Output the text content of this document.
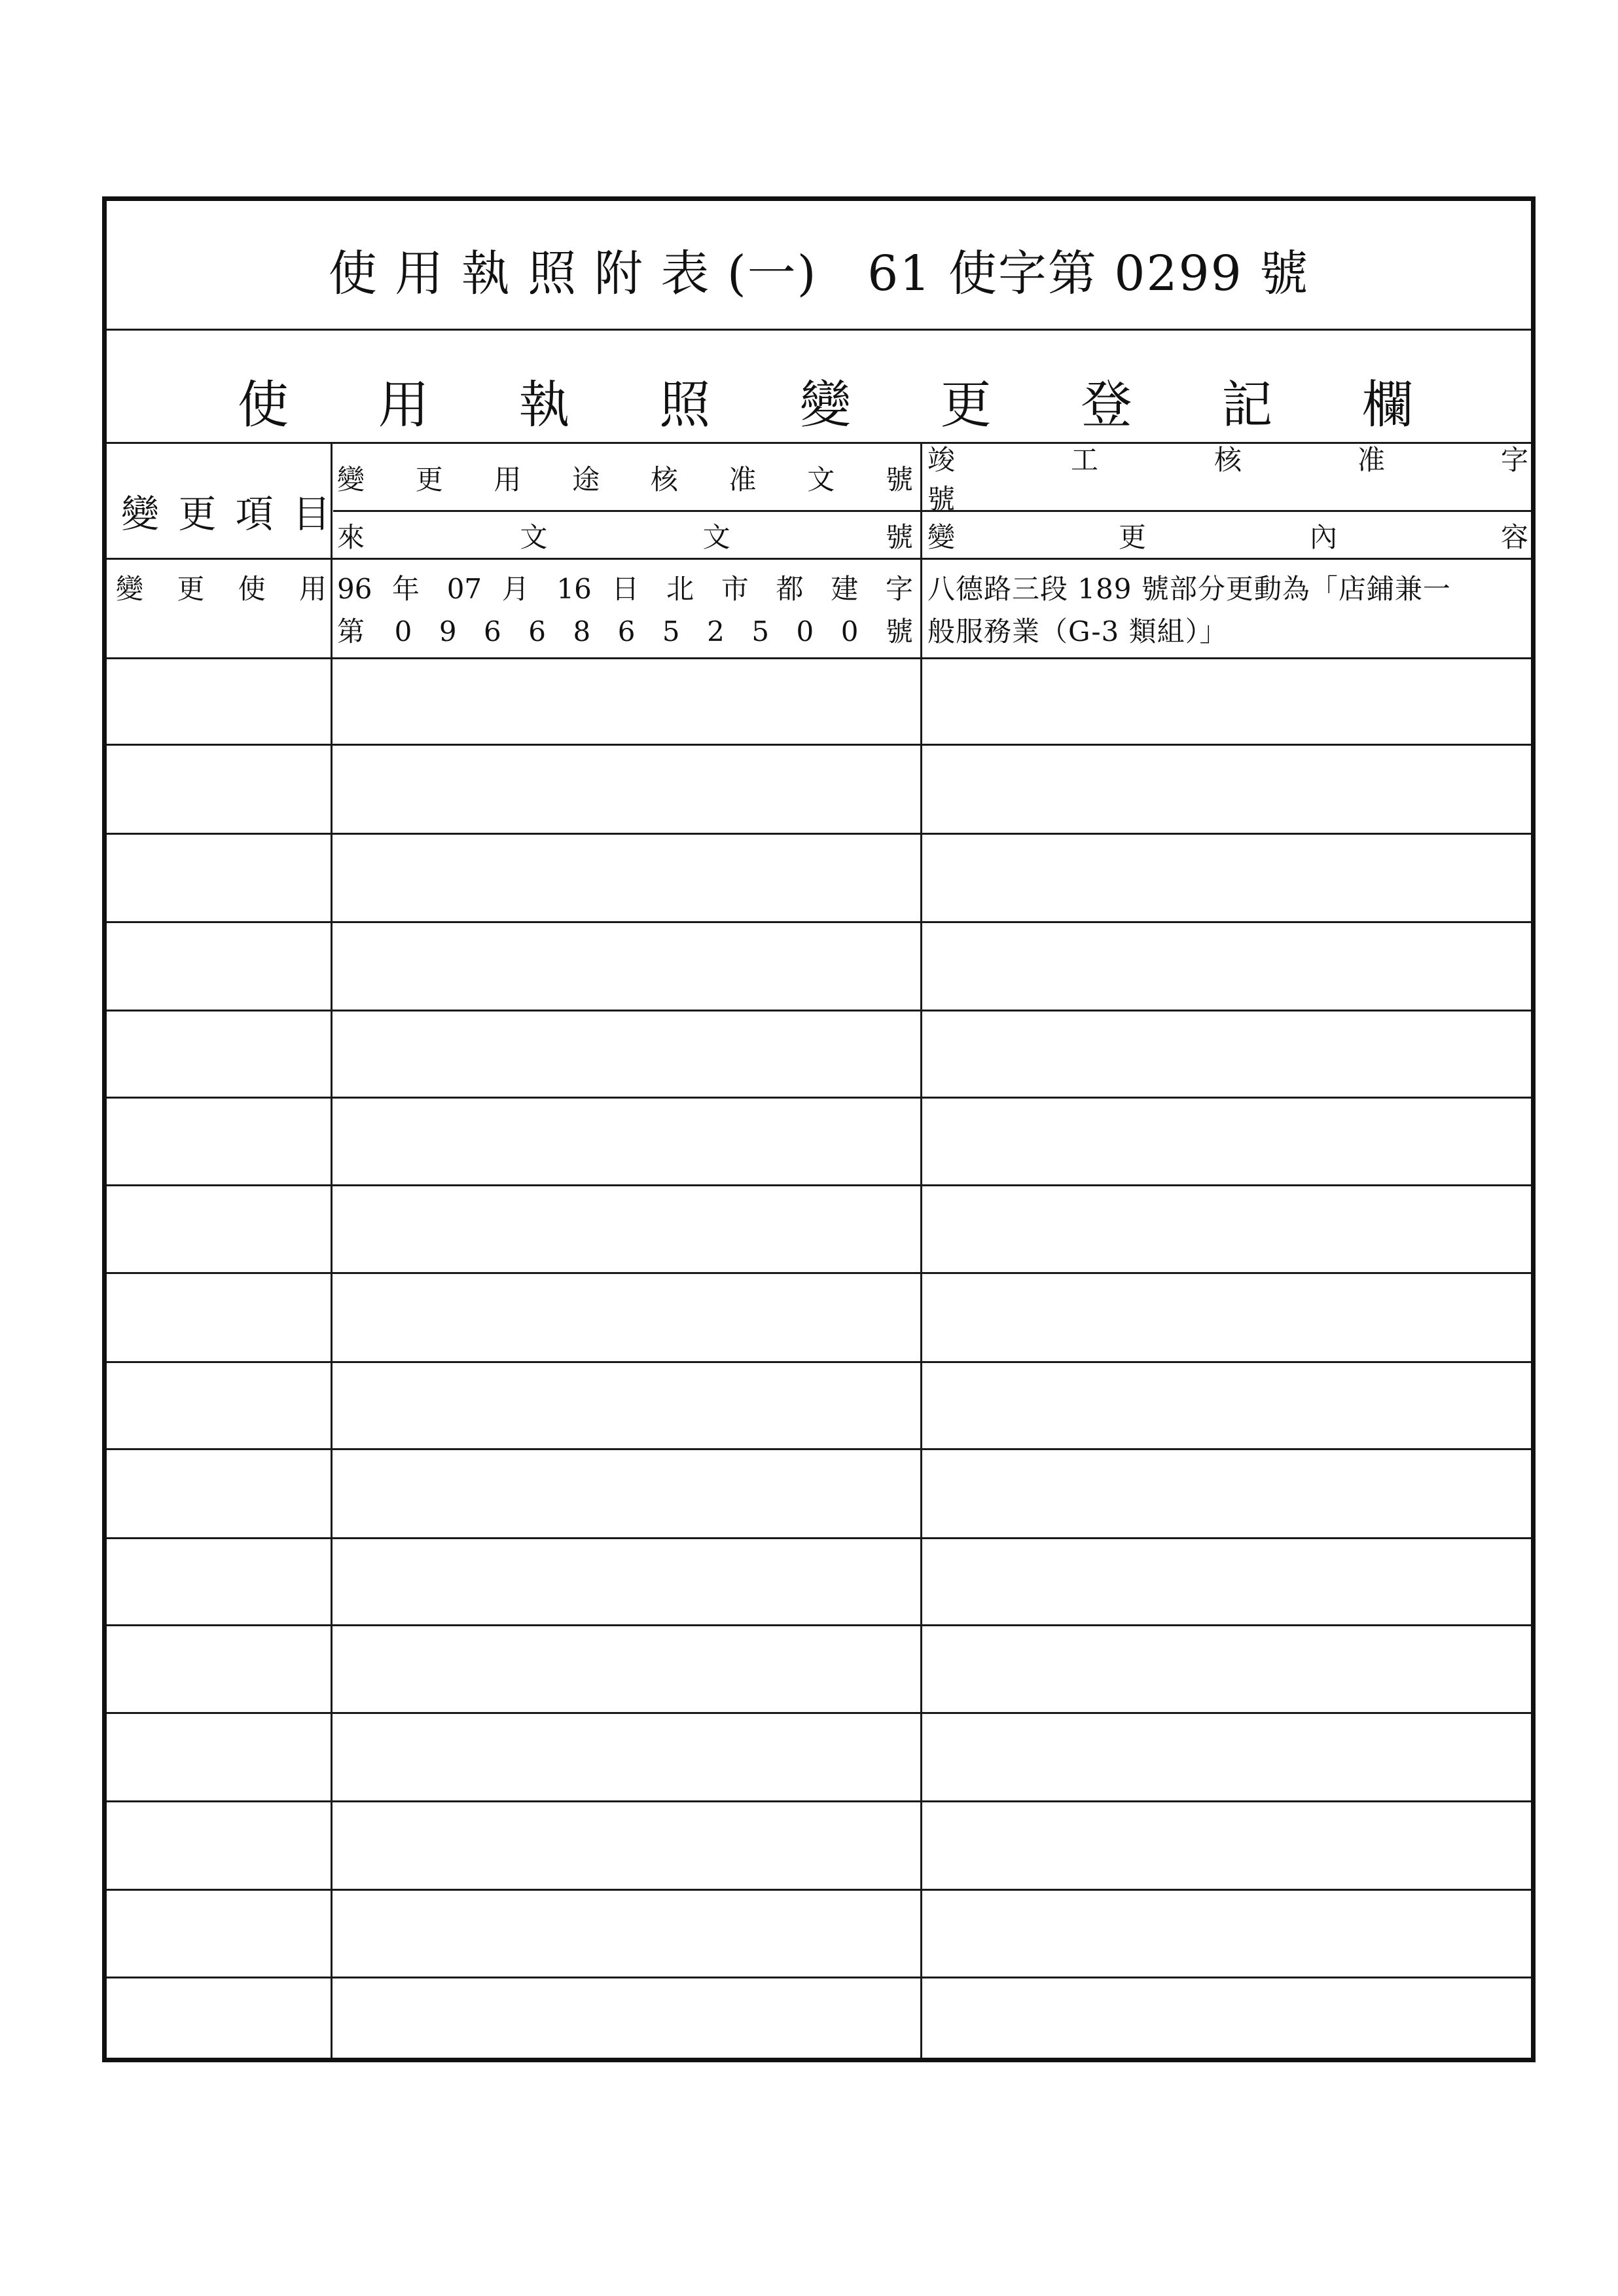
使 用 執 照 附 表 (一)   61 使字第 0299 號
使 用 執 照 變 更 登 記 欄
變 更 項 目
變 更 用 途 核 准 文 號
來 文 文 號
竣 工 核 准 字 號
變 更 內 容
變 更 使 用 96 年 07 月 16 日 北 市 都 建 字
第 0 9 6 6 8 6 5 2 5 0 0 號
八德路三段 189 號部分更動為「店鋪兼一
般服務業（G-3 類組）」
